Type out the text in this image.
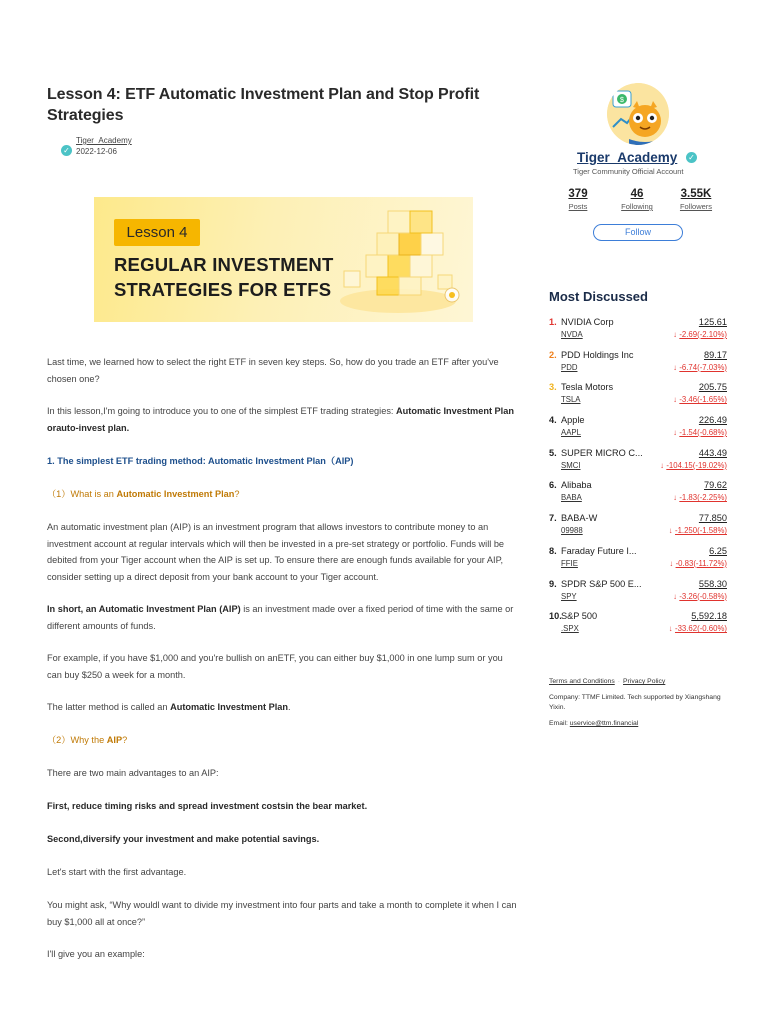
Lesson 4: ETF Automatic Investment Plan and Stop Profit Strategies
✓
Tiger_Academy
2022-12-06
Lesson 4
REGULAR INVESTMENT
STRATEGIES FOR ETFS
Last time, we learned how to select the right ETF in seven key steps. So, how do you trade an ETF after you've chosen one?
In this lesson,I'm going to introduce you to one of the simplest ETF trading strategies: Automatic Investment Plan orauto-invest plan.
1. The simplest ETF trading method: Automatic Investment Plan（AIP)
（1）What is an Automatic Investment Plan?
An automatic investment plan (AIP) is an investment program that allows investors to contribute money to an investment account at regular intervals which will then be invested in a pre-set strategy or portfolio. Funds will be debited from your Tiger account when the AIP is set up. To ensure there are enough funds available for your AIP, consider setting up a direct deposit from your bank account to your Tiger account.
In short, an Automatic Investment Plan (AIP) is an investment made over a fixed period of time with the same or different amounts of funds.
For example, if you have $1,000 and you're bullish on anETF, you can either buy $1,000 in one lump sum or you can buy $250 a week for a month.
The latter method is called an Automatic Investment Plan.
（2）Why the AIP?
There are two main advantages to an AIP:
First, reduce timing risks and spread investment costsin the bear market.
Second,diversify your investment and make potential savings.
Let's start with the first advantage.
You might ask, “Why wouldl want to divide my investment into four parts and take a month to complete it when I can buy $1,000 all at once?”
I'll give you an example:
$
Tiger_Academy ✓
Tiger Community Official Account
379
Posts
46
Following
3.55K
Followers
Follow
Most Discussed
1. NVIDIA Corp
NVDA
125.61
↓ -2.69(-2.10%)
2. PDD Holdings Inc
PDD
89.17
↓ -6.74(-7.03%)
3. Tesla Motors
TSLA
205.75
↓ -3.46(-1.65%)
4. Apple
AAPL
226.49
↓ -1.54(-0.68%)
5. SUPER MICRO C...
SMCI
443.49
↓ -104.15(-19.02%)
6. Alibaba
BABA
79.62
↓ -1.83(-2.25%)
7. BABA-W
09988
77.850
↓ -1.250(-1.58%)
8. Faraday Future I...
FFIE
6.25
↓ -0.83(-11.72%)
9. SPDR S&P 500 E...
SPY
558.30
↓ -3.26(-0.58%)
10. S&P 500
.SPX
5,592.18
↓ -33.62(-0.60%)
Terms and Conditions · Privacy Policy
Company: TTMF Limited. Tech supported by Xiangshang Yixin.
Email: uservice@ttm.financial
